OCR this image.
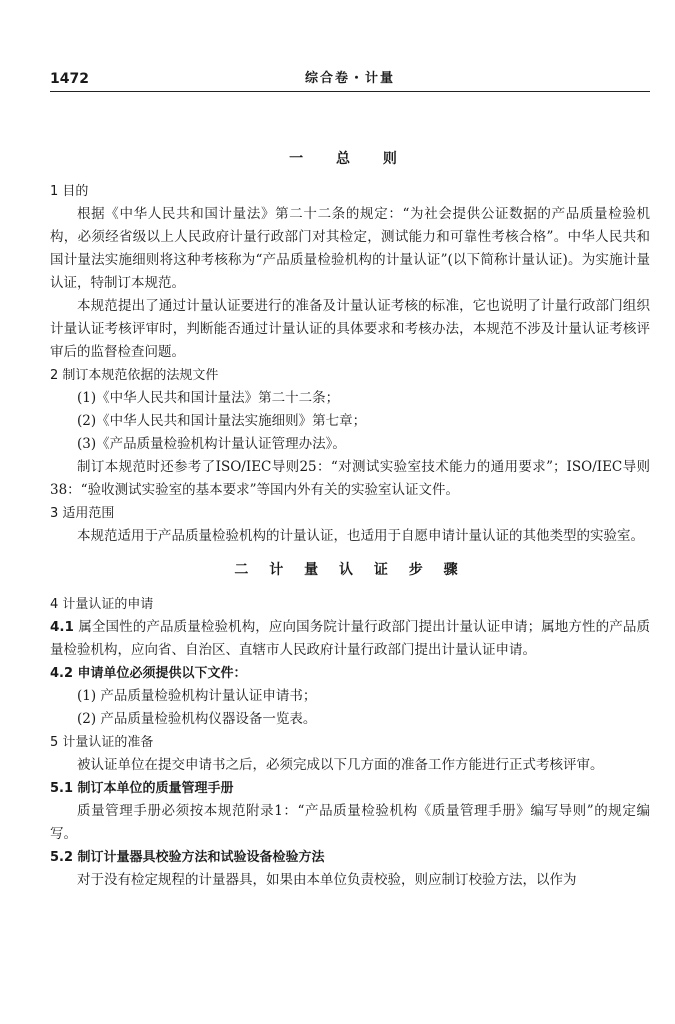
1472	综合卷・计量
一 总 则

1 目的

根据《中华人民共和国计量法》第二十二条的规定：“为社会提供公证数据的产品质量检验机构，必须经省级以上人民政府计量行政部门对其检定，测试能力和可靠性考核合格”。中华人民共和国计量法实施细则将这种考核称为“产品质量检验机构的计量认证”(以下简称计量认证)。为实施计量认证，特制订本规范。

本规范提出了通过计量认证要进行的准备及计量认证考核的标准，它也说明了计量行政部门组织计量认证考核评审时，判断能否通过计量认证的具体要求和考核办法，本规范不涉及计量认证考核评审后的监督检查问题。

2 制订本规范依据的法规文件

(1)《中华人民共和国计量法》第二十二条；

(2)《中华人民共和国计量法实施细则》第七章；

(3)《产品质量检验机构计量认证管理办法》。

制订本规范时还参考了ISO/IEC导则25：“对测试实验室技术能力的通用要求”；ISO/IEC导则38：“验收测试实验室的基本要求”等国内外有关的实验室认证文件。

3 适用范围

本规范适用于产品质量检验机构的计量认证，也适用于自愿申请计量认证的其他类型的实验室。

二 计 量 认 证 步 骤

4 计量认证的申请

4.1 属全国性的产品质量检验机构，应向国务院计量行政部门提出计量认证申请；属地方性的产品质量检验机构，应向省、自治区、直辖市人民政府计量行政部门提出计量认证申请。

4.2 申请单位必须提供以下文件：

(1) 产品质量检验机构计量认证申请书；

(2) 产品质量检验机构仪器设备一览表。

5 计量认证的准备

被认证单位在提交申请书之后，必须完成以下几方面的准备工作方能进行正式考核评审。

5.1 制订本单位的质量管理手册

质量管理手册必须按本规范附录1：“产品质量检验机构《质量管理手册》编写导则”的规定编写。

5.2 制订计量器具校验方法和试验设备检验方法

对于没有检定规程的计量器具，如果由本单位负责校验，则应制订校验方法，以作为
